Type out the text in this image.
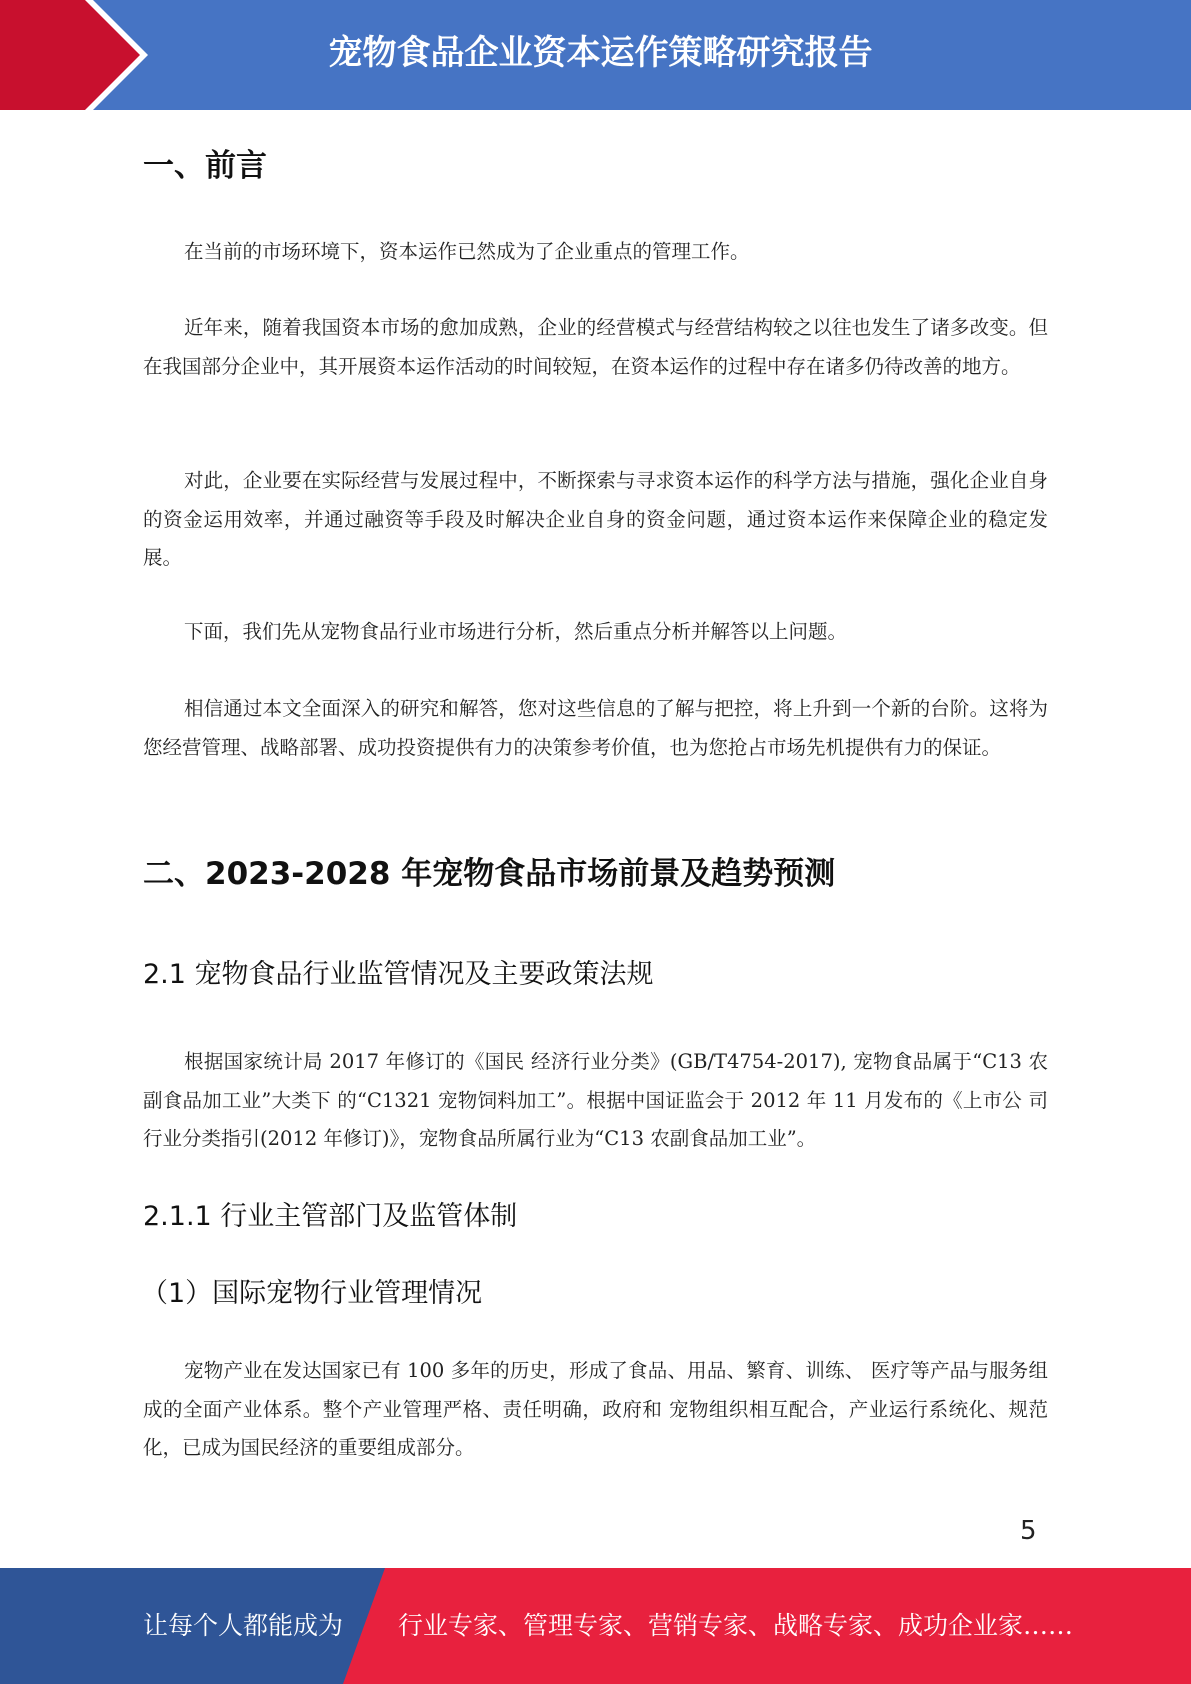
宠物食品企业资本运作策略研究报告
一、前言
在当前的市场环境下，资本运作已然成为了企业重点的管理工作。
近年来，随着我国资本市场的愈加成熟，企业的经营模式与经营结构较之以往也发生了诸多改变。但在我国部分企业中，其开展资本运作活动的时间较短，在资本运作的过程中存在诸多仍待改善的地方。
对此，企业要在实际经营与发展过程中，不断探索与寻求资本运作的科学方法与措施，强化企业自身的资金运用效率，并通过融资等手段及时解决企业自身的资金问题，通过资本运作来保障企业的稳定发展。
下面，我们先从宠物食品行业市场进行分析，然后重点分析并解答以上问题。
相信通过本文全面深入的研究和解答，您对这些信息的了解与把控，将上升到一个新的台阶。这将为您经营管理、战略部署、成功投资提供有力的决策参考价值，也为您抢占市场先机提供有力的保证。
二、2023-2028 年宠物食品市场前景及趋势预测
2.1 宠物食品行业监管情况及主要政策法规
根据国家统计局 2017 年修订的《国民 经济行业分类》(GB/T4754-2017), 宠物食品属于“C13 农副食品加工业”大类下 的“C1321 宠物饲料加工”。根据中国证监会于 2012 年 11 月发布的《上市公 司行业分类指引(2012 年修订)》，宠物食品所属行业为“C13 农副食品加工业”。
2.1.1 行业主管部门及监管体制
（1）国际宠物行业管理情况
宠物产业在发达国家已有 100 多年的历史，形成了食品、用品、繁育、训练、 医疗等产品与服务组成的全面产业体系。整个产业管理严格、责任明确，政府和 宠物组织相互配合，产业运行系统化、规范化，已成为国民经济的重要组成部分。
5
让每个人都能成为 行业专家、管理专家、营销专家、战略专家、成功企业家……
